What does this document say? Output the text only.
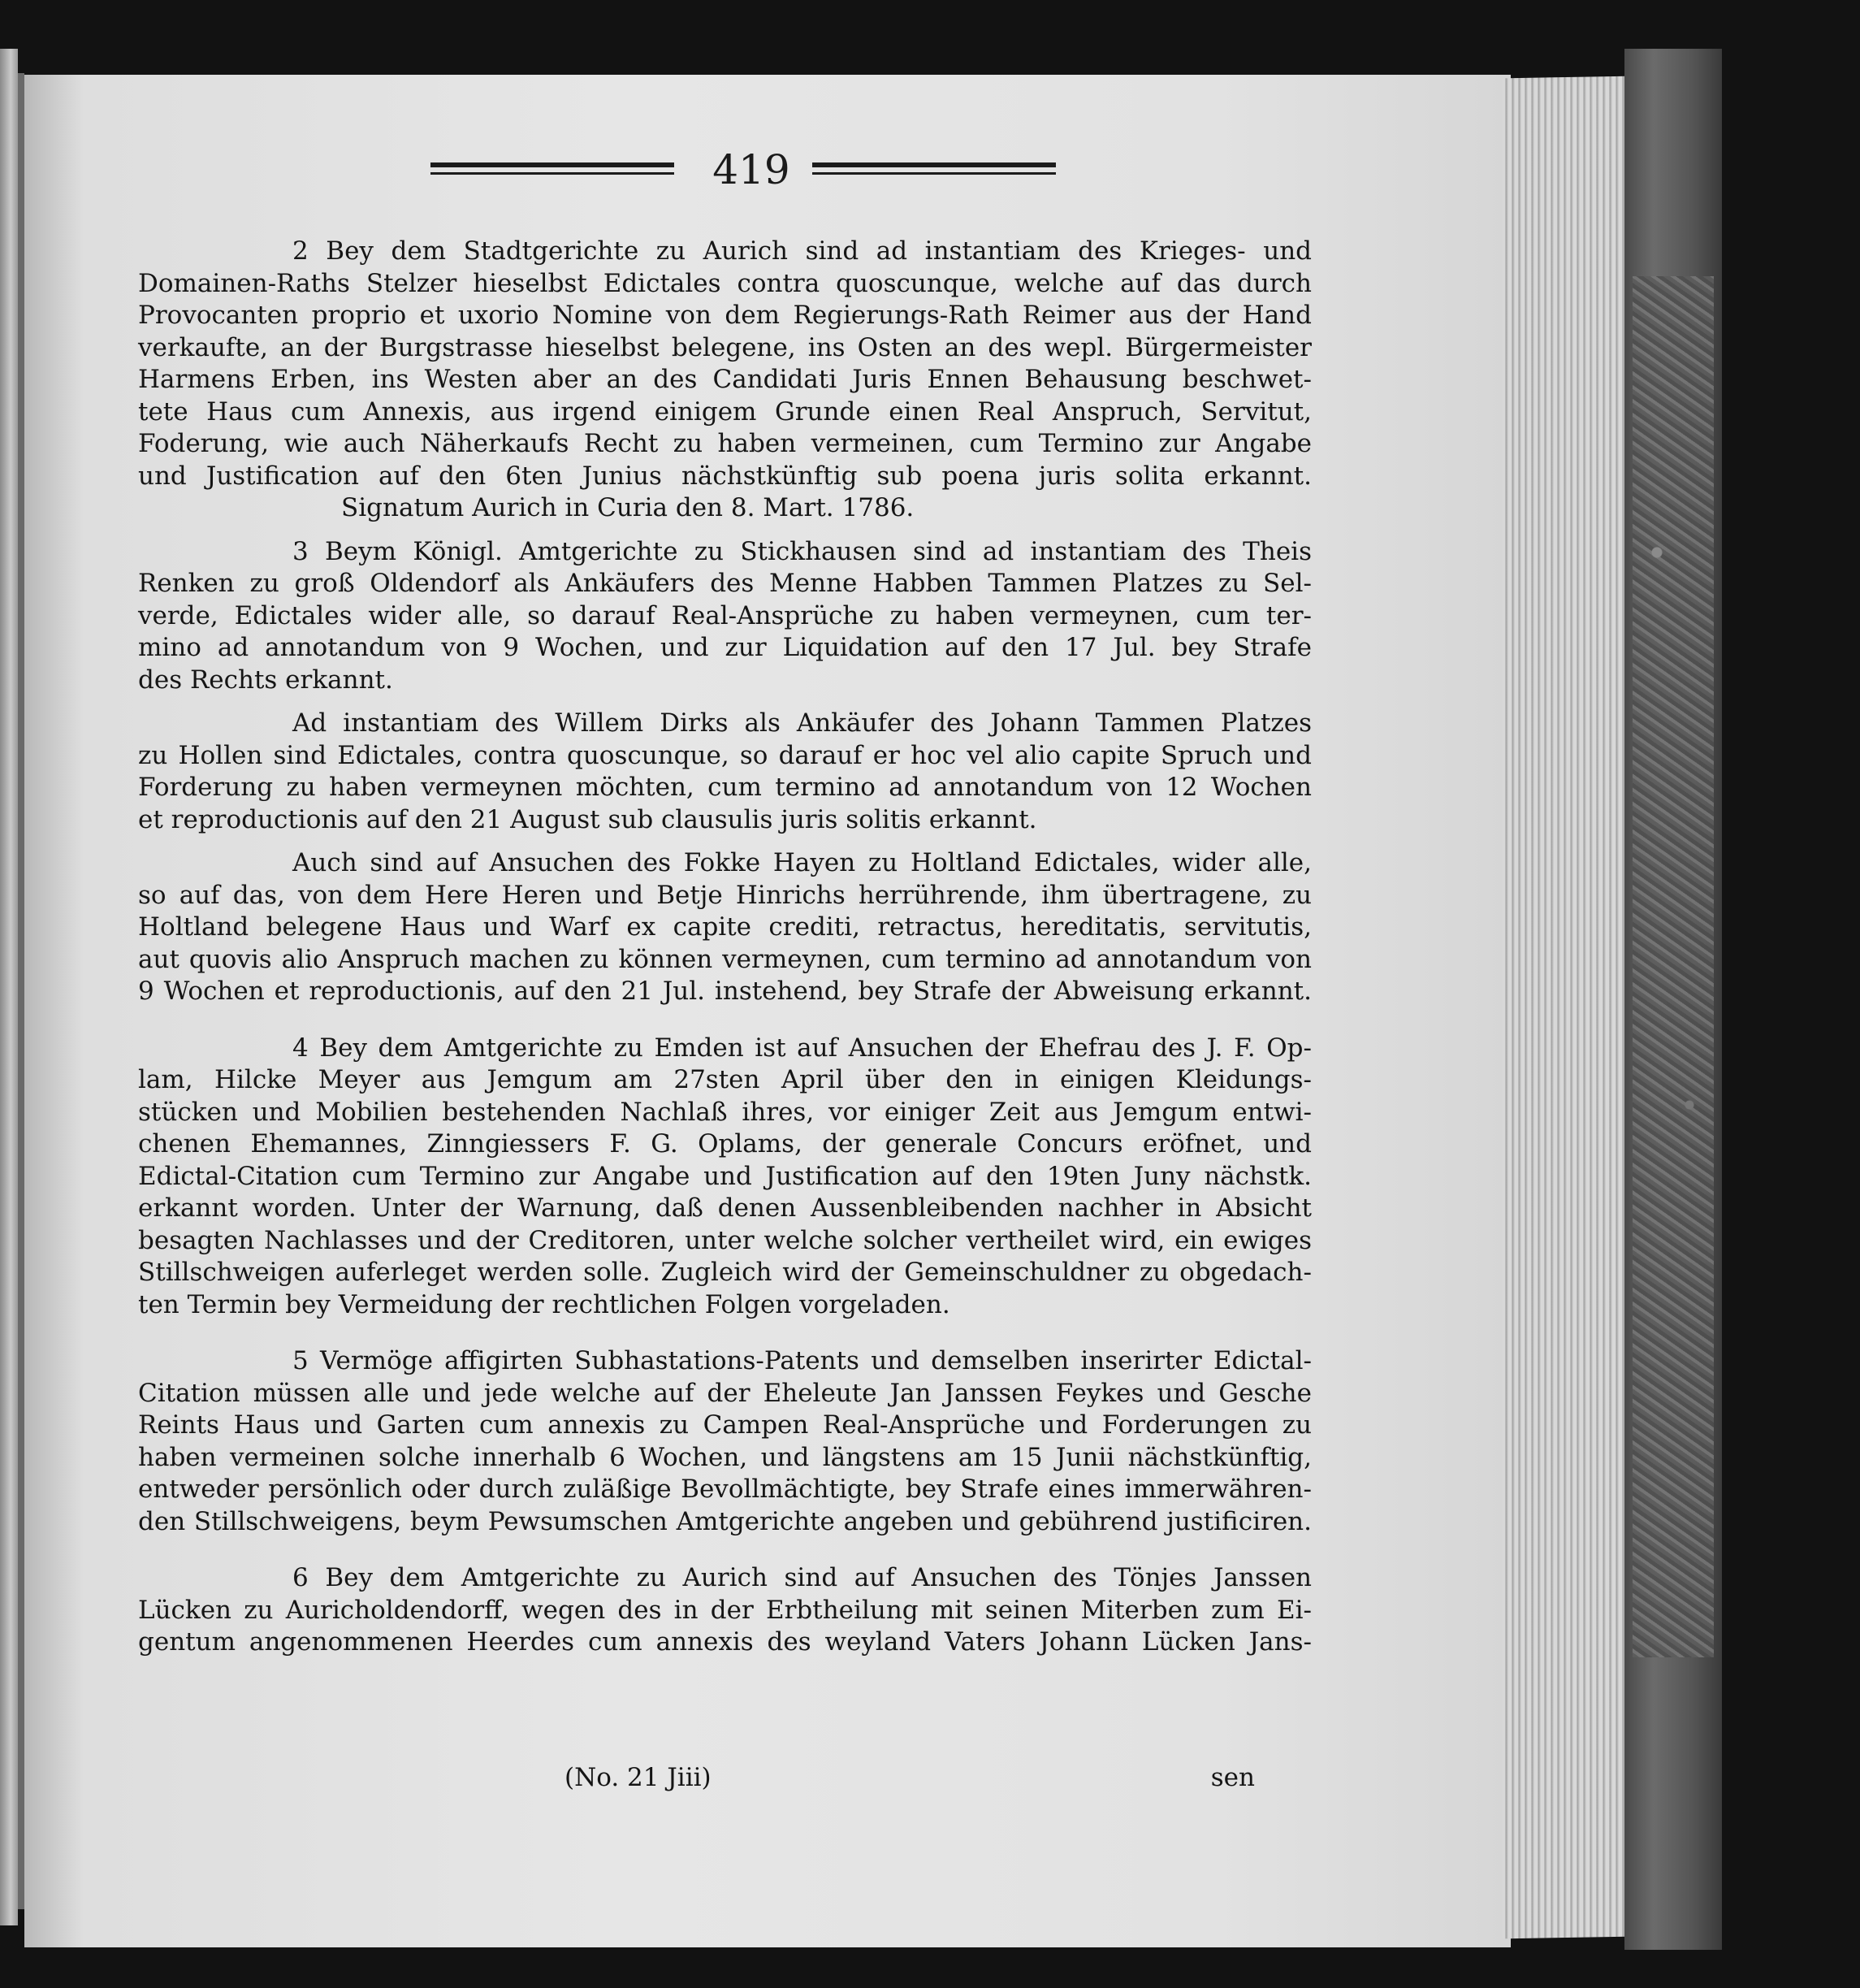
419
2 Bey dem Stadtgerichte zu Aurich sind ad instantiam des Krieges- und
Domainen-Raths Stelzer hieselbst Edictales contra quoscunque, welche auf das durch
Provocanten proprio et uxorio Nomine von dem Regierungs-Rath Reimer aus der Hand
verkaufte, an der Burgstrasse hieselbst belegene, ins Osten an des wepl. Bürgermeister
Harmens Erben, ins Westen aber an des Candidati Juris Ennen Behausung beschwet-
tete Haus cum Annexis, aus irgend einigem Grunde einen Real Anspruch, Servitut,
Foderung, wie auch Näherkaufs Recht zu haben vermeinen, cum Termino zur Angabe
und Justification auf den 6ten Junius nächstkünftig sub poena juris solita erkannt.
Signatum Aurich in Curia den 8. Mart. 1786.
3 Beym Königl. Amtgerichte zu Stickhausen sind ad instantiam des Theis
Renken zu groß Oldendorf als Ankäufers des Menne Habben Tammen Platzes zu Sel-
verde, Edictales wider alle, so darauf Real-Ansprüche zu haben vermeynen, cum ter-
mino ad annotandum von 9 Wochen, und zur Liquidation auf den 17 Jul. bey Strafe
des Rechts erkannt.
Ad instantiam des Willem Dirks als Ankäufer des Johann Tammen Platzes
zu Hollen sind Edictales, contra quoscunque, so darauf er hoc vel alio capite Spruch und
Forderung zu haben vermeynen möchten, cum termino ad annotandum von 12 Wochen
et reproductionis auf den 21 August sub clausulis juris solitis erkannt.
Auch sind auf Ansuchen des Fokke Hayen zu Holtland Edictales, wider alle,
so auf das, von dem Here Heren und Betje Hinrichs herrührende, ihm übertragene, zu
Holtland belegene Haus und Warf ex capite crediti, retractus, hereditatis, servitutis,
aut quovis alio Anspruch machen zu können vermeynen, cum termino ad annotandum von
9 Wochen et reproductionis, auf den 21 Jul. instehend, bey Strafe der Abweisung erkannt.
4 Bey dem Amtgerichte zu Emden ist auf Ansuchen der Ehefrau des J. F. Op-
lam, Hilcke Meyer aus Jemgum am 27sten April über den in einigen Kleidungs-
stücken und Mobilien bestehenden Nachlaß ihres, vor einiger Zeit aus Jemgum entwi-
chenen Ehemannes, Zinngiessers F. G. Oplams, der generale Concurs eröfnet, und
Edictal-Citation cum Termino zur Angabe und Justification auf den 19ten Juny nächstk.
erkannt worden. Unter der Warnung, daß denen Aussenbleibenden nachher in Absicht
besagten Nachlasses und der Creditoren, unter welche solcher vertheilet wird, ein ewiges
Stillschweigen auferleget werden solle. Zugleich wird der Gemeinschuldner zu obgedach-
ten Termin bey Vermeidung der rechtlichen Folgen vorgeladen.
5 Vermöge affigirten Subhastations-Patents und demselben inserirter Edictal-
Citation müssen alle und jede welche auf der Eheleute Jan Janssen Feykes und Gesche
Reints Haus und Garten cum annexis zu Campen Real-Ansprüche und Forderungen zu
haben vermeinen solche innerhalb 6 Wochen, und längstens am 15 Junii nächstkünftig,
entweder persönlich oder durch zuläßige Bevollmächtigte, bey Strafe eines immerwähren-
den Stillschweigens, beym Pewsumschen Amtgerichte angeben und gebührend justificiren.
6 Bey dem Amtgerichte zu Aurich sind auf Ansuchen des Tönjes Janssen
Lücken zu Auricholdendorff, wegen des in der Erbtheilung mit seinen Miterben zum Ei-
gentum angenommenen Heerdes cum annexis des weyland Vaters Johann Lücken Jans-
(No. 21 Jiii)	sen
